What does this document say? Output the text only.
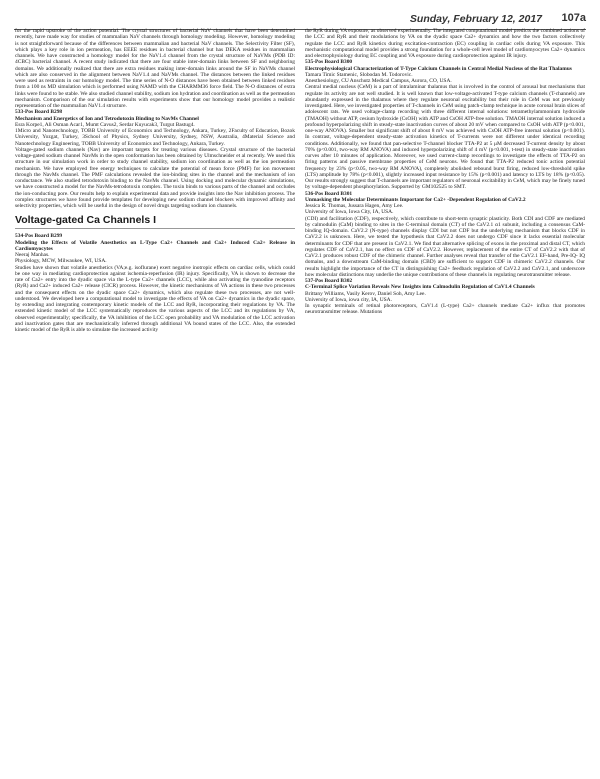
Sunday, February 12, 2017 107a

for the rapid upstroke of the action potential. The crystal structures of bacterial NaV channels that have been determined recently, have made way for studies of mammalian NaV channels through homology modeling. However, homology modeling is not straightforward because of the differences between mammalian and bacterial NaV channels. The Selectivity Filter (SF), which plays a key role in ion permeation, has EEEE residues in bacterial channel but has DEKA residues in mammalian channels. We have constructed a homology model for the NaV1.4 channel from the crystal structure of NaVMs (PDB ID: 4CBC) bacterial channel. A recent study indicated that there are four stable inter-domain links between SF and neighboring domains. We additionally realized that there are extra residues making inter-domain links around the SF in NaVMs channel which are also conserved in the alignment between NaV1.4 and NaVMs channel. The distances between the linked residues were used as restraints in our homology model. The time series of N-O distances have been obtained between linked residues from a 100 ns MD simulation which is performed using NAMD with the CHARMM36 force field. The N-O distances of extra links were found to be stable. We also studied channel stability, sodium ion hydration and coordination as well as the permeation mechanism. Comparison of the our simulation results with experiments show that our homology model provides a realistic representation of the mammalian NaV1.4 structure.

533-Pos Board B298

Mechanism and Energetics of Ion and Tetrodotoxin Binding to NavMs Channel

Esra Korpe1, Ali Osman Acar1, Mumt Cavus2, Serdar Kuyucak3, Turgut Bastug4.

1Micro and Nanotechnology, TOBB University of Economics and Technology, Ankara, Turkey, 2Faculty of Education, Bozok University, Yozgat, Turkey, 3School of Physics, Sydney University, Sydney, NSW, Australia, 4Material Science and Nanotechnology Engineering, TOBB University of Economics and Technology, Ankara, Turkey.

Voltage-gated sodium channels (Nav) are important targets for treating various diseases. Crystal structure of the bacterial voltage-gated sodium channel NavMs in the open conformation has been obtained by Ulmschneider et al recently. We used this structure in our simulation work in order to study channel stability, sodium ion coordination as well as the ion permeation mechanism. We have employed free energy techniques to calculate the potential of mean force (PMF) for ion movement through the NavMs channel. The PMF calculations revealed the ion-binding sites in the channel and the mechanism of ion conductance. We also studied tetrodotoxin binding to the NavMs channel. Using docking and molecular dynamic simulations, we have constructed a model for the NavMs-tetrodotoxin complex. The toxin binds to various parts of the channel and occludes the ion-conducting pore. Our results help to explain experimental data and provide insights into the Nav inhibition process. The complex structures we have found provide templates for developing new sodium channel blockers with improved affinity and selectivity properties, which will be useful in the design of novel drugs targeting sodium ion channels.

Voltage-gated Ca Channels I

534-Pos Board B299

Modeling the Effects of Volatile Anesthetics on L-Type Ca2+ Channels and Ca2+ Induced Ca2+ Release in Cardiomyocytes

Neeraj Manhas.

Physiology, MCW, Milwaukee, WI, USA.

Studies have shown that volatile anesthetics (VA;e.g. isoflurane) exert negative inotropic effects on cardiac cells, which could be one way in mediating cardioprotection against ischemia-reperfusion (IR) injury. Specifically, VA is shown to decrease the rate of Ca2+ entry into the dyadic space via the L-type Ca2+ channels (LCC), while also activating the ryanodine receptors (RyR) and Ca2+ induced Ca2+ release (CICR) process. However, the kinetic mechanisms of VA actions in these two processes and the consequent effects on the dyadic space Ca2+ dynamics, which also regulate these two processes, are not well-understood. We developed here a computational model to investigate the effects of VA on Ca2+ dynamics in the dyadic space, by extending and integrating contemporary kinetic models of the LCC and RyR, incorporating their regulations by VA. The extended kinetic model of the LCC systematically reproduces the various aspects of the LCC and its regulations by VA, observed experimentally; specifically, the VA inhibition of the LCC open probability and VA modulation of the LCC activation and inactivation gates that are mechanistically inferred through additional VA bound states of the LCC. Also, the extended kinetic model of the RyR is able to simulate the increased activity

the RyR during VA exposure, as observed experimentally. The integrated computational model predicts the combined actions of the LCC and RyR and their modulations by VA on the dyadic space Ca2+ dynamics and how the two factors collectively regulate the LCC and RyR kinetics during excitation-contraction (EC) coupling in cardiac cells during VA exposure. This mechanistic computational model provides a strong foundation for a whole-cell level model of cardiomyocytes Ca2+ dynamics and electrophysiology during EC coupling and VA exposure during cardioprotection against IR injury.

535-Pos Board B300

Electrophysiological Characterization of T-Type Calcium Channels in Central Medial Nucleus of the Rat Thalamus

Tamara Timic Stamenic, Slobodan M. Todorovic.

Anesthesiology, CU Anschutz Medical Campus, Aurora, CO, USA.

Central medial nucleus (CeM) is a part of intralaminar thalamus that is involved in the control of arousal but mechanisms that regulate its activity are not well studied. It is well known that low-voltage-activated T-type calcium channels (T-channels) are abundantly expressed in the thalamus where they regulate neuronal excitability but their role in CeM was not previously investigated. Here, we investigated properties of T-channels in CeM using patch-clamp technique in acute coronal brain slices of adolescent rats. We used voltage-clamp recording with three different internal solutions: tetramethylammonium hydroxide (TMAOH) without ATP, cesium hydroxide (CsOH) with ATP and CsOH ATP-free solution. TMAOH internal solution induced a profound hyperpolarizing shift in steady-state inactivation curves of about 20 mV when compared to CsOH with ATP (p<0.001, one-way ANOVA). Smaller but significant shift of about 8 mV was achieved with CsOH ATP-free internal solution (p<0.001). In contrast, voltage-dependent steady-state activation kinetics of T-currents were not different under identical recording conditions. Additionally, we found that pan-selective T-channel blocker TTA-P2 at 5 μM decreased T-current density by about 70% (p<0.001, two-way RM ANOVA) and induced hyperpolarizing shift of 4 mV (p<0.001, t-test) in steady-state inactivation curves after 10 minutes of application. Moreover, we used current-clamp recordings to investigate the effects of TTA-P2 on firing patterns and passive membrane properties of CeM neurons. We found that TTA-P2 reduced tonic action potential frequency by 23% (p<0.05, two-way RM ANOVA), completely abolished rebound burst firing, reduced low-threshold spike (LTS) amplitude by 78% (p<0.001), slightly increased input resistance by 15% (p<0.001) and latency to LTS by 18% (p<0.05). Our results strongly suggest that T-channels are important regulators of neuronal excitability in CeM, which may be finely tuned by voltage-dependent phosphorylation. Supported by GM102525 to SMT.

536-Pos Board B301

Unmasking the Molecular Determinants Important for Ca2+ -Dependent Regulation of CaV2.2

Jessica R. Thomas, Jussara Hagen, Amy Lee.

University of Iowa, Iowa City, IA, USA.

(CDI) and facilitation (CDF), respectively, which contribute to short-term synaptic plasticity. Both CDI and CDF are mediated by calmodulin (CaM) binding to sites in the C-terminal domain (CT) of the CaV2.1 α1 subunit, including a consensus CaM-binding IQ-domain. CaV2.2 (N-type) channels display CDI but not CDF but the underlying mechanism that blocks CDF in CaV2.2 is unknown. Here, we tested the hypothesis that CaV2.2 does not undergo CDF since it lacks essential molecular determinants for CDF that are present in CaV2.1. We find that alternative splicing of exons in the proximal and distal CT, which regulates CDF of CaV2.1, has no effect on CDF of CaV2.2. However, replacement of the entire CT of CaV2.2 with that of CaV2.1 produces robust CDF of the chimeric channel. Further analyses reveal that transfer of the CaV2.1 EF-hand, Pre-IQ- IQ domains, and a downstream CaM-binding domain (CBD) are sufficient to support CDF in chimeric CaV2.2 channels. Our results highlight the importance of the CT in distinguishing Ca2+ feedback regulation of CaV2.2 and CaV2.1, and underscore how molecular distinctions may underlie the unique contributions of these channels in regulating neurotransmitter release.

537-Pos Board B302

C-Terminal Splice Variation Reveals New Insights into Calmodulin Regulation of CaV1.4 Channels

Brittany Williams, Vasily Kerov, Daniel Soh, Amy Lee.

University of Iowa, iowa city, IA, USA.

In synaptic terminals of retinal photoreceptors, CaV1.4 (L-type) Ca2+ channels mediate Ca2+ influx that promotes neurotransmitter release. Mutations
